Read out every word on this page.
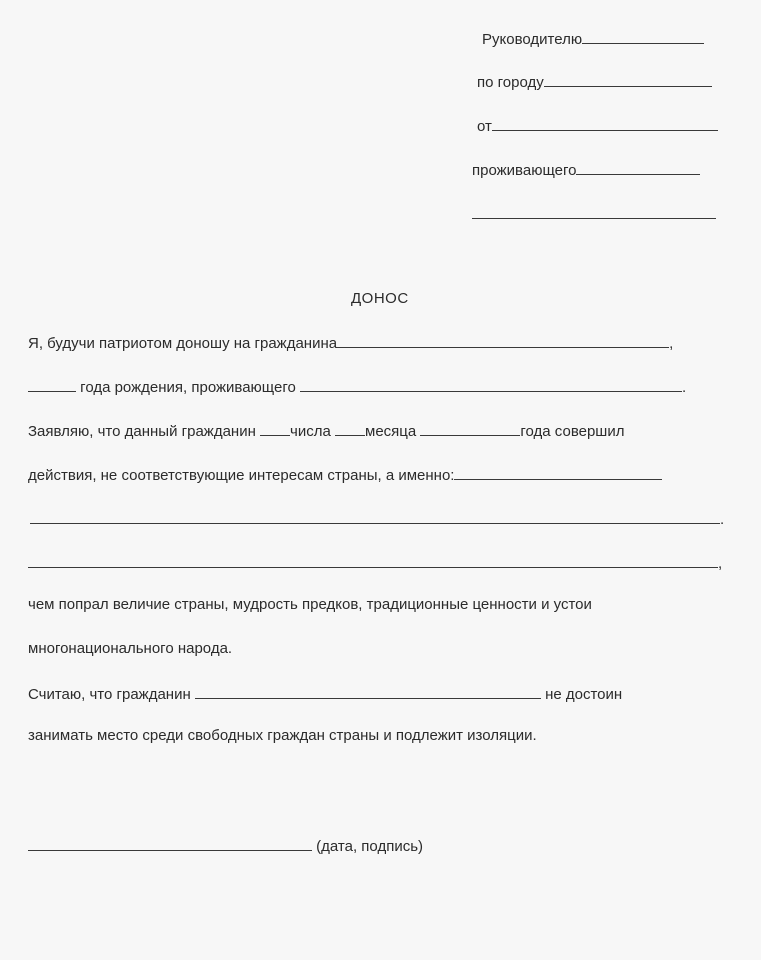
Руководителю
по городу
от
проживающего
ДОНОС
Я, будучи патриотом доношу на гражданина	,
года рождения, проживающего	.
Заявляю, что данный гражданин числа месяца	года совершил
действия, не соответствующие интересам страны, а именно:
.
,
чем попрал величие страны, мудрость предков, традиционные ценности и устои
многонационального народа.
Считаю, что гражданин	не достоин
занимать место среди свободных граждан страны и подлежит изоляции.
(дата, подпись)
